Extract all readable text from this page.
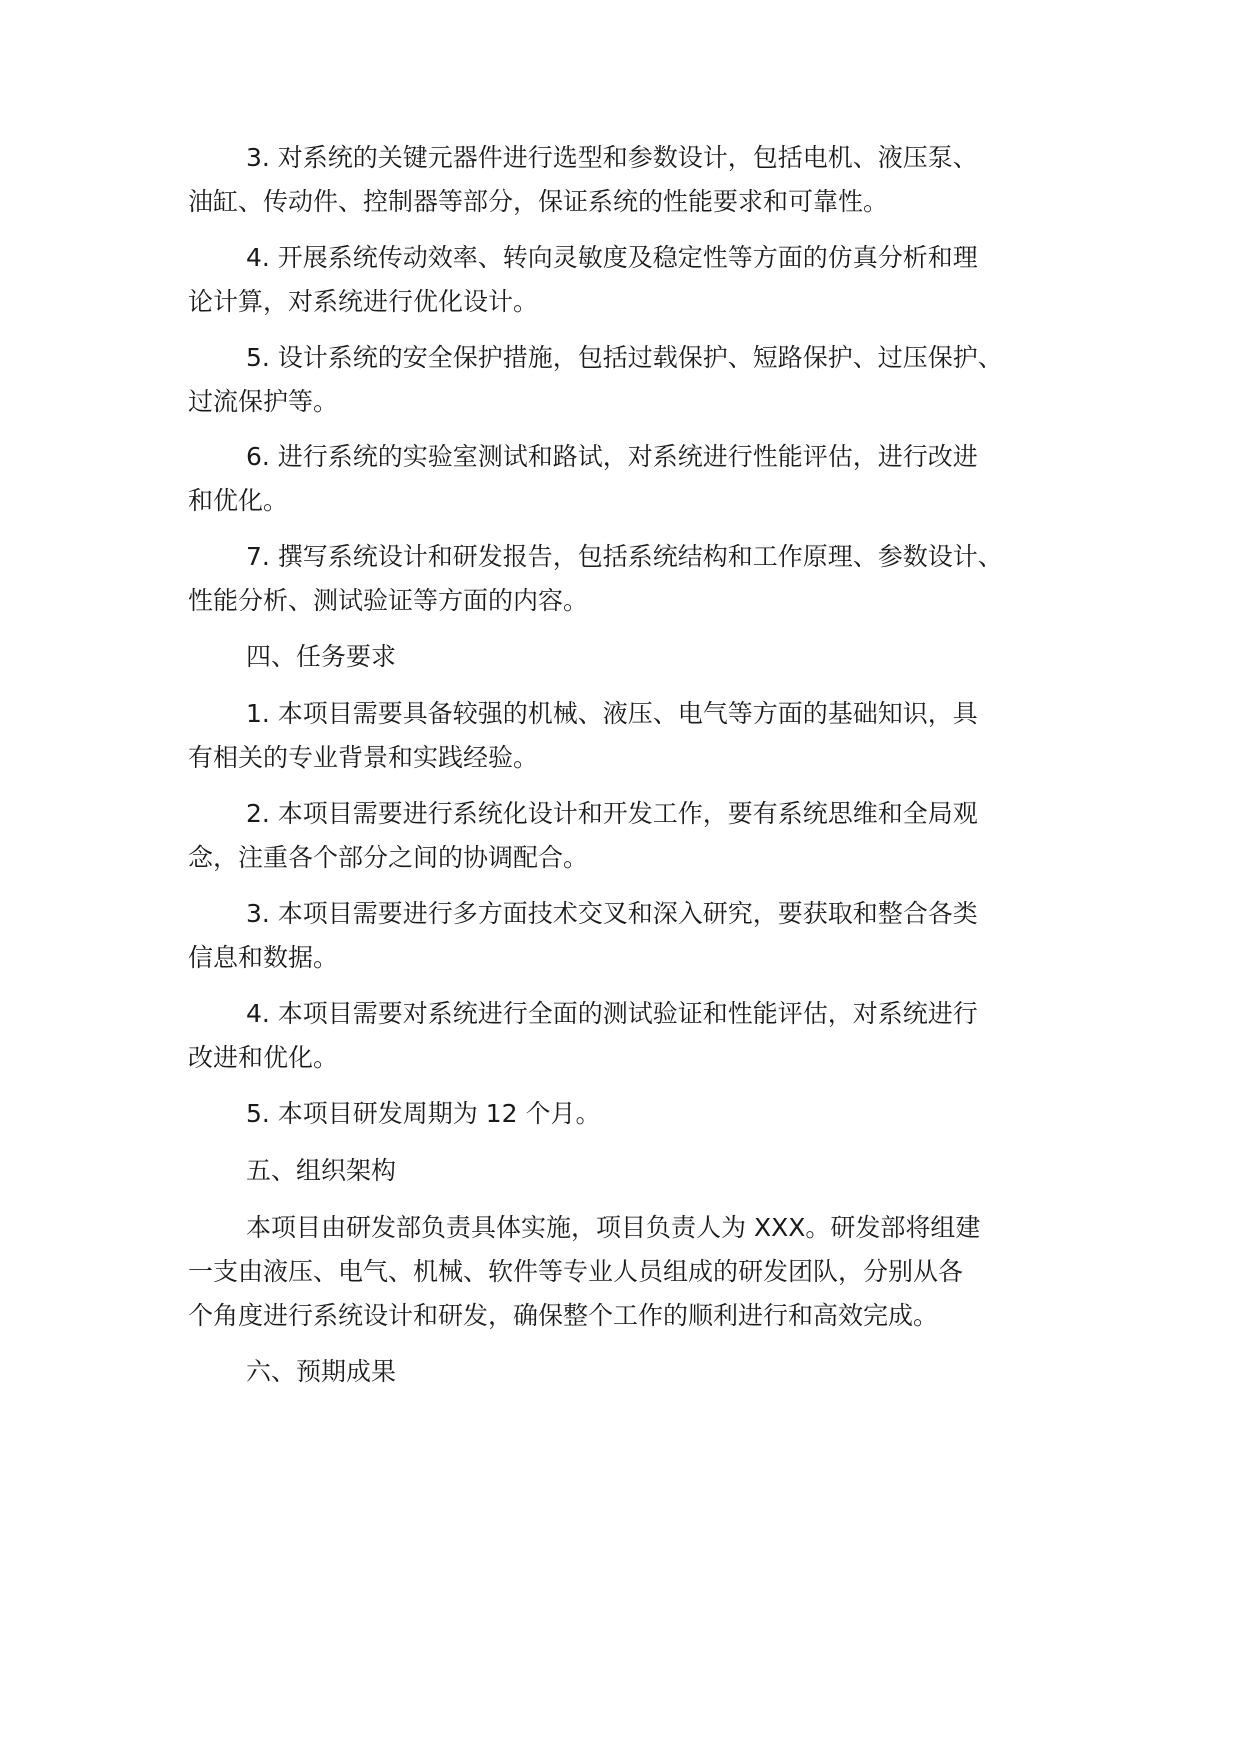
3. 对系统的关键元器件进行选型和参数设计，包括电机、液压泵、
油缸、传动件、控制器等部分，保证系统的性能要求和可靠性。

4. 开展系统传动效率、转向灵敏度及稳定性等方面的仿真分析和理
论计算，对系统进行优化设计。

5. 设计系统的安全保护措施，包括过载保护、短路保护、过压保护、
过流保护等。

6. 进行系统的实验室测试和路试，对系统进行性能评估，进行改进
和优化。

7. 撰写系统设计和研发报告，包括系统结构和工作原理、参数设计、
性能分析、测试验证等方面的内容。

四、任务要求

1. 本项目需要具备较强的机械、液压、电气等方面的基础知识，具
有相关的专业背景和实践经验。

2. 本项目需要进行系统化设计和开发工作，要有系统思维和全局观
念，注重各个部分之间的协调配合。

3. 本项目需要进行多方面技术交叉和深入研究，要获取和整合各类
信息和数据。

4. 本项目需要对系统进行全面的测试验证和性能评估，对系统进行
改进和优化。

5. 本项目研发周期为 12 个月。

五、组织架构

本项目由研发部负责具体实施，项目负责人为 XXX。研发部将组建
一支由液压、电气、机械、软件等专业人员组成的研发团队，分别从各
个角度进行系统设计和研发，确保整个工作的顺利进行和高效完成。

六、预期成果
